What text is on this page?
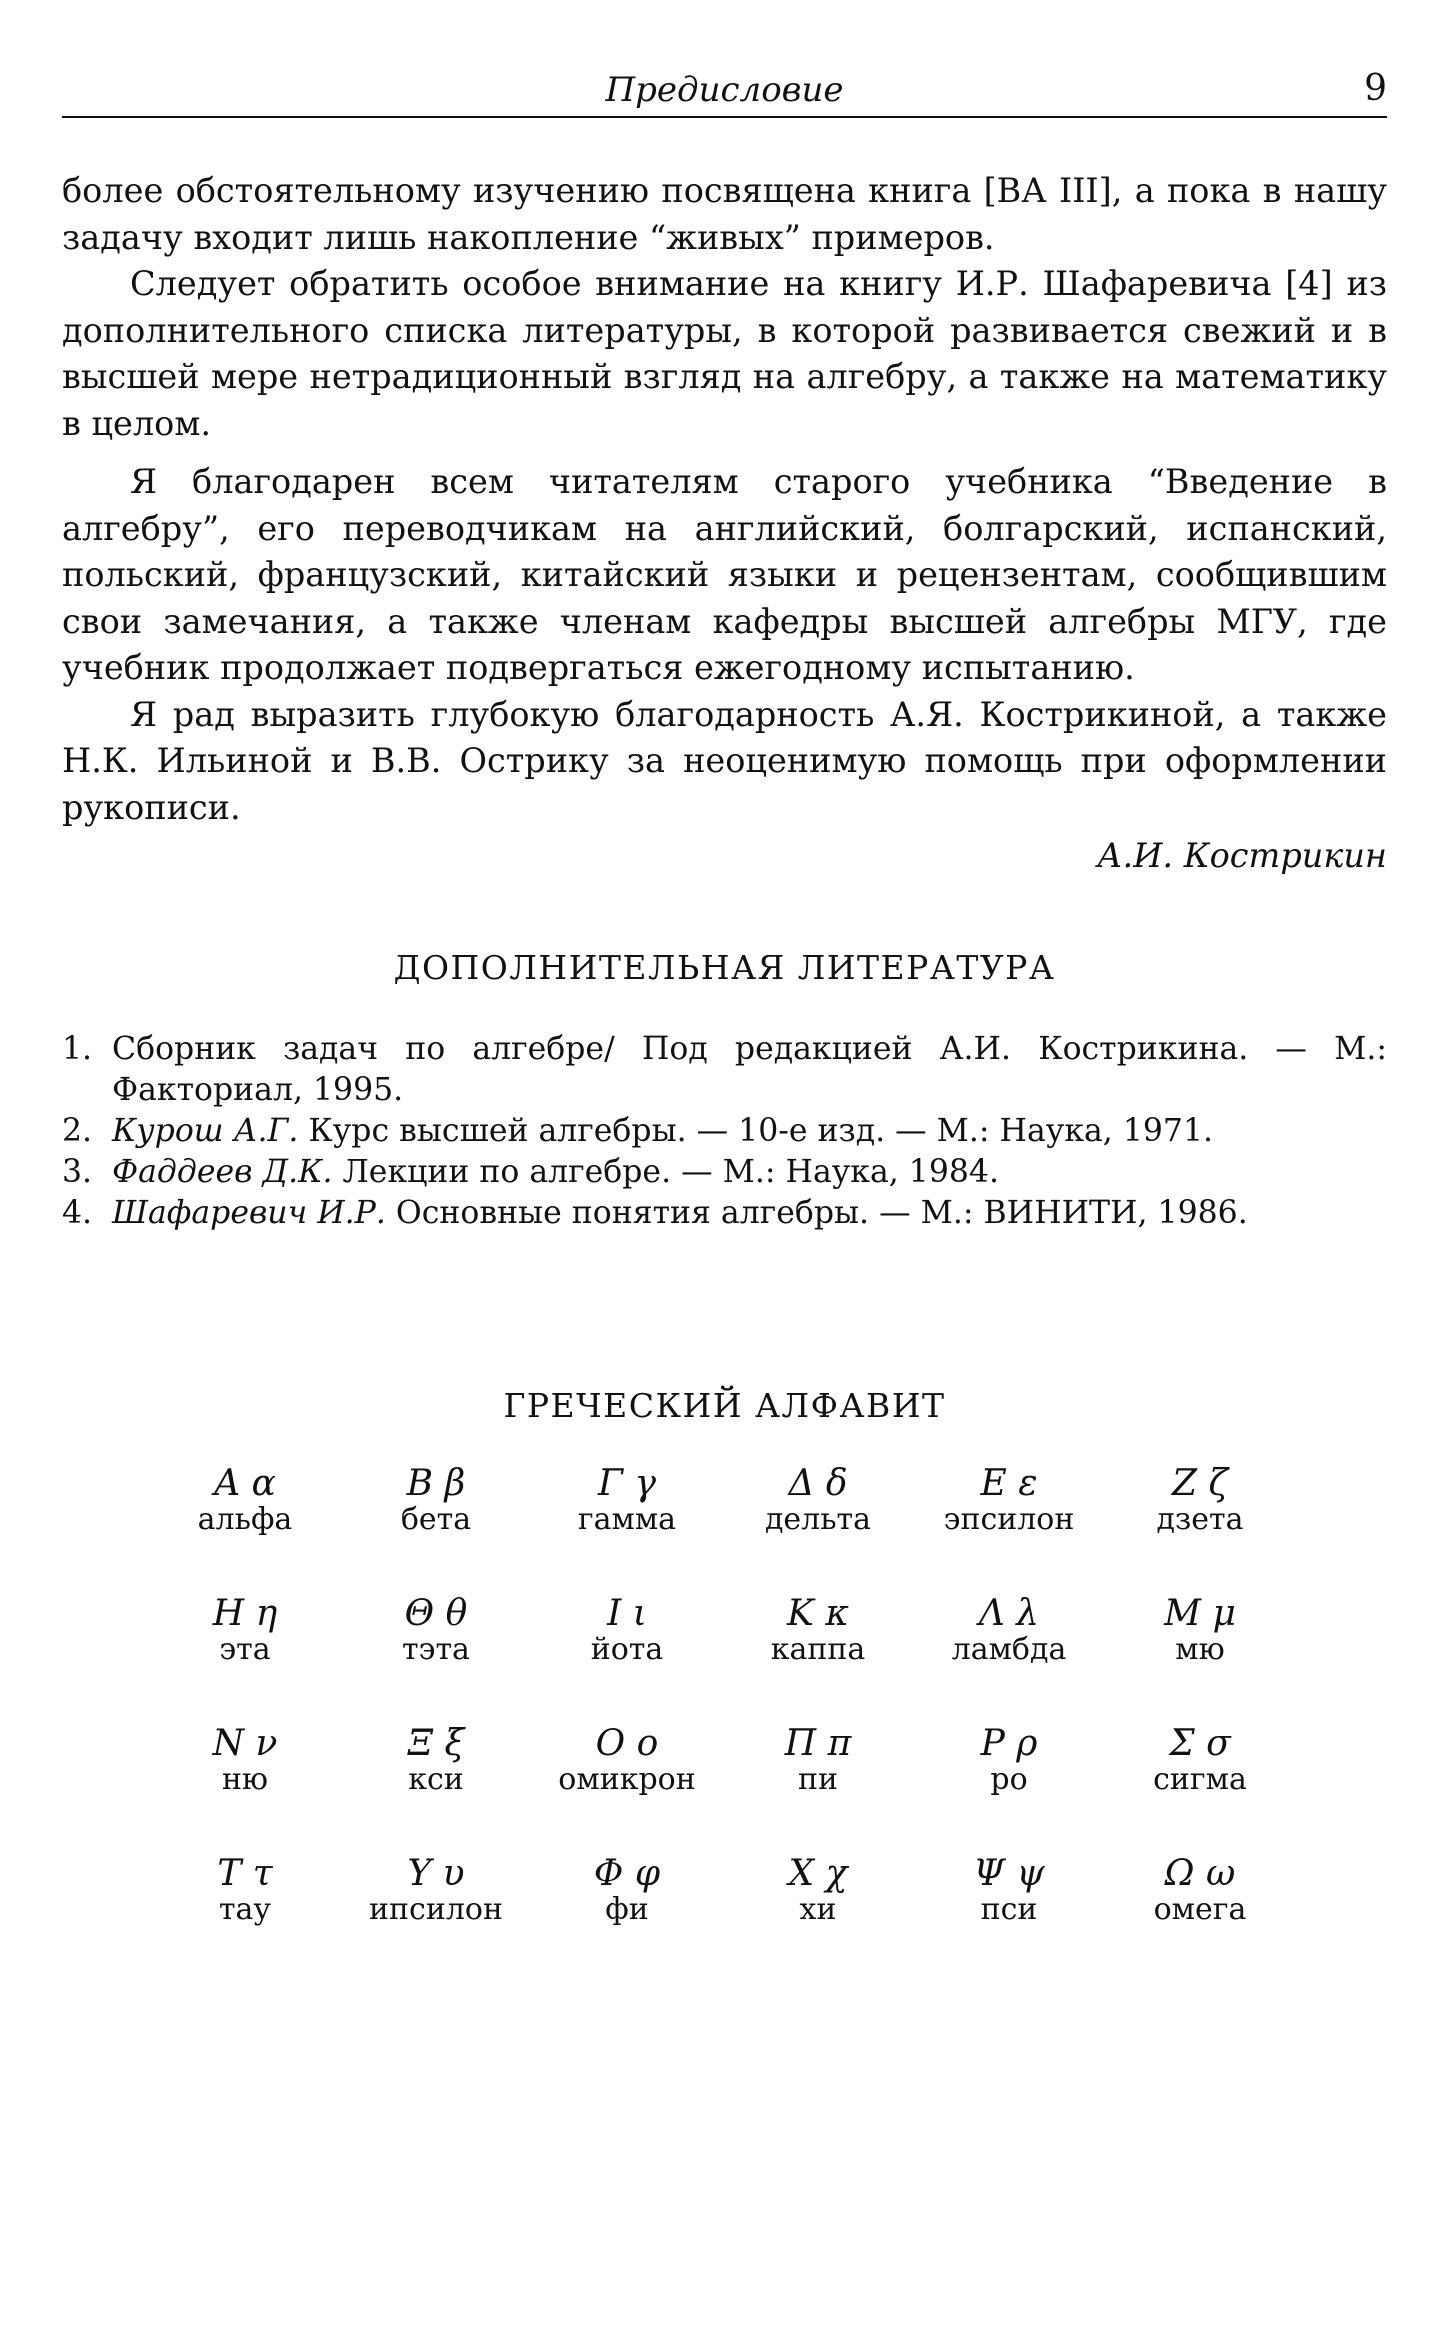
Предисловие	9

более обстоятельному изучению посвящена книга [ВА III], а пока в нашу задачу входит лишь накопление “живых” примеров.

Следует обратить особое внимание на книгу И.Р. Шафаревича [4] из дополнительного списка литературы, в которой развивается свежий и в высшей мере нетрадиционный взгляд на алгебру, а также на математику в целом.

Я благодарен всем читателям старого учебника “Введение в алгебру”, его переводчикам на английский, болгарский, испанский, польский, французский, китайский языки и рецензентам, сообщившим свои замечания, а также членам кафедры высшей алгебры МГУ, где учебник продолжает подвергаться ежегодному испытанию.

Я рад выразить глубокую благодарность А.Я. Кострикиной, а также Н.К. Ильиной и В.В. Острику за неоценимую помощь при оформлении рукописи.

А.И. Кострикин
ДОПОЛНИТЕЛЬНАЯ ЛИТЕРАТУРА
1. Сборник задач по алгебре/ Под редакцией А.И. Кострикина. — М.: Факториал, 1995.
2. Курош А.Г. Курс высшей алгебры. — 10-е изд. — М.: Наука, 1971.
3. Фаддеев Д.К. Лекции по алгебре. — М.: Наука, 1984.
4. Шафаревич И.Р. Основные понятия алгебры. — М.: ВИНИТИ, 1986.
ГРЕЧЕСКИЙ АЛФАВИТ
Α α
альфа
Β β
бета
Γ γ
гамма
Δ δ
дельта
Ε ε
эпсилон
Ζ ζ
дзета
Η η
эта
Θ θ
тэта
Ι ι
йота
Κ κ
каппа
Λ λ
ламбда
Μ μ
мю
Ν ν
ню
Ξ ξ
кси
Ο ο
омикрон
Π π
пи
Ρ ρ
ро
Σ σ
сигма
Τ τ
тау
Υ υ
ипсилон
Φ φ
фи
Χ χ
хи
Ψ ψ
пси
Ω ω
омега
